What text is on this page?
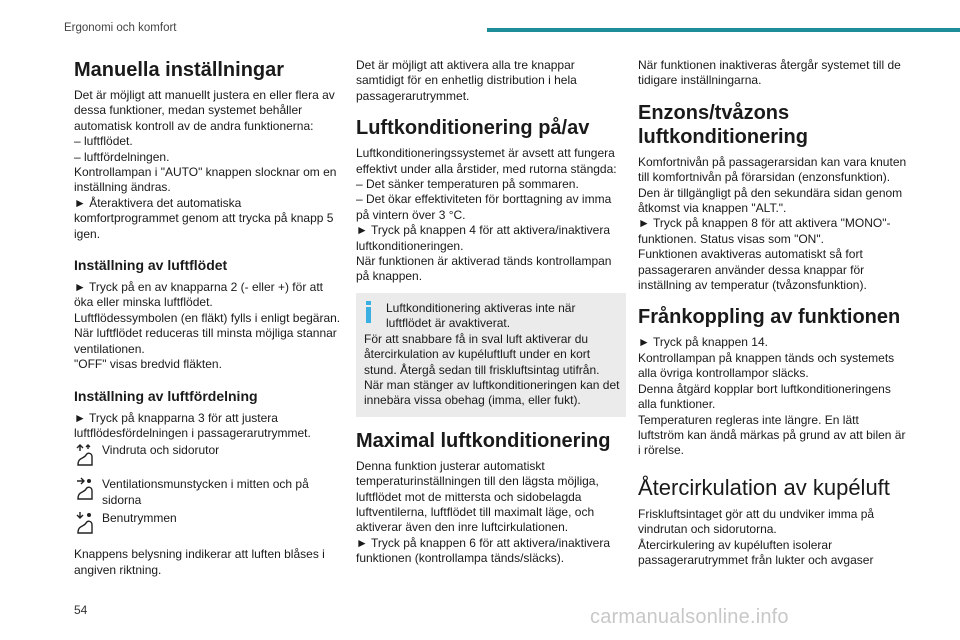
Ergonomi och komfort
Manuella inställningar

Det är möjligt att manuellt justera en eller flera av dessa funktioner, medan systemet behåller automatisk kontroll av de andra funktionerna:

– luftflödet.

– luftfördelningen.

Kontrollampan i "AUTO" knappen slocknar om en inställning ändras.

► Återaktivera det automatiska komfortprogrammet genom att trycka på knapp 5 igen.

Inställning av luftflödet

► Tryck på en av knapparna 2 (- eller +) för att öka eller minska luftflödet.

Luftflödessymbolen (en fläkt) fylls i enligt begäran.

När luftflödet reduceras till minsta möjliga stannar ventilationen.

"OFF" visas bredvid fläkten.

Inställning av luftfördelning

► Tryck på knapparna 3 för att justera luftflödesfördelningen i passagerarutrymmet.

Vindruta och sidorutor
Ventilationsmunstycken i mitten och på sidorna
Benutrymmen

Knappens belysning indikerar att luften blåses i angiven riktning.

Det är möjligt att aktivera alla tre knappar samtidigt för en enhetlig distribution i hela passagerarutrymmet.

Luftkonditionering på/av

Luftkonditioneringssystemet är avsett att fungera effektivt under alla årstider, med rutorna stängda:

– Det sänker temperaturen på sommaren.

– Det ökar effektiviteten för borttagning av imma på vintern över 3 °C.

► Tryck på knappen 4 för att aktivera/inaktivera luftkonditioneringen.

När funktionen är aktiverad tänds kontrollampan på knappen.

Luftkonditionering aktiveras inte när luftflödet är avaktiverat.

För att snabbare få in sval luft aktiverar du återcirkulation av kupéluftluft under en kort stund. Återgå sedan till friskluftsintag utifrån. När man stänger av luftkonditioneringen kan det innebära vissa obehag (imma, eller fukt).

Maximal luftkonditionering

Denna funktion justerar automatiskt temperaturinställningen till den lägsta möjliga, luftflödet mot de mittersta och sidobelagda luftventilerna, luftflödet till maximalt läge, och aktiverar även den inre luftcirkulationen.

► Tryck på knappen 6 för att aktivera/inaktivera funktionen (kontrollampa tänds/släcks).

När funktionen inaktiveras återgår systemet till de tidigare inställningarna.

Enzons/tvåzons luftkonditionering

Komfortnivån på passagerarsidan kan vara knuten till komfortnivån på förarsidan (enzonsfunktion).

Den är tillgängligt på den sekundära sidan genom åtkomst via knappen "ALT.".

► Tryck på knappen 8 för att aktivera "MONO"-funktionen. Status visas som "ON".

Funktionen avaktiveras automatiskt så fort passageraren använder dessa knappar för inställning av temperatur (tvåzonsfunktion).

Frånkoppling av funktionen

► Tryck på knappen 14.

Kontrollampan på knappen tänds och systemets alla övriga kontrollampor släcks.

Denna åtgärd kopplar bort luftkonditioneringens alla funktioner.

Temperaturen regleras inte längre. En lätt luftström kan ändå märkas på grund av att bilen är i rörelse.

Återcirkulation av kupéluft

Friskluftsintaget gör att du undviker imma på vindrutan och sidorutorna.

Återcirkulering av kupéluften isolerar passagerarutrymmet från lukter och avgaser

54	carmanualsonline.info
